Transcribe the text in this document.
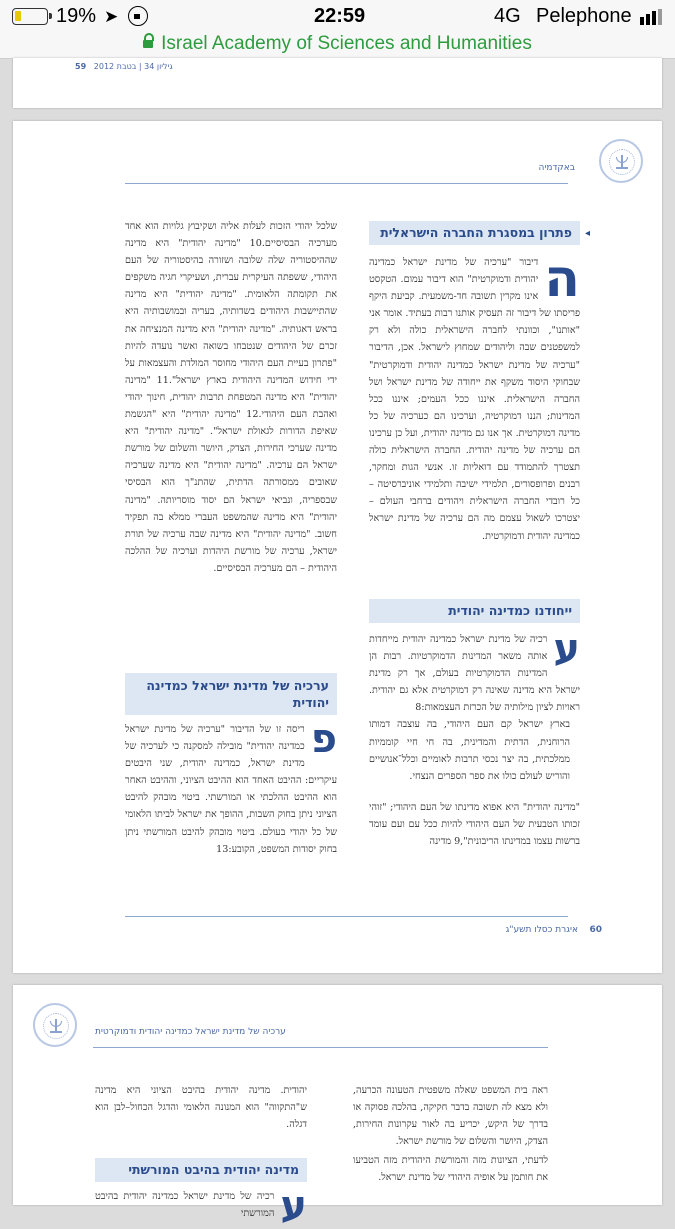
19% ➤	22:59	4G Pelephone
Israel Academy of Sciences and Humanities
59 גיליון 34 | בטבת 2012
באקדמיה
◂
פתרון במסגרת החברה הישראלית

ה
דיבור "ערכיה של מדינת ישראל כמדינה יהודית ודמוקרטית" הוא דיבור עמום. הטקסט אינו מקרין תשובה חד-משמעית. קביעת היקף פריסתו של דיבור זה תעסיק אותנו רבות בעתיד. אומר אני "אותנו", וכוונתי לחברה הישראלית כולה ולא רק למשפטנים שבה וליהודים שמחוץ לישראל. אכן, הדיבור "ערכיה של מדינת ישראל כמדינה יהודית ודמוקרטית" שבחוקי היסוד משקף את ייחודה של מדינת ישראל ושל החברה הישראלית. איננו ככל העמים; איננו ככל המדינות; הננו דמוקרטיה, וערכינו הם כערכיה של כל מדינה דמוקרטית. אך אנו גם מדינה יהודית, ועל כן ערכינו הם ערכיה של מדינה יהודית. החברה הישראלית כולה תצטרך להתמודד עם דואליות זו. אנשי הגות ומחקר, רבנים ופרופסורים, תלמידי ישיבה ותלמידי אוניברסיטה – כל רובדי החברה הישראלית ויהודים ברחבי העולם – יצטרכו לשאול עצמם מה הם ערכיה של מדינת ישראל כמדינה יהודית ודמוקרטית.

ייחודנו כמדינה יהודית

ע
רכיה של מדינת ישראל כמדינה יהודית מייחדות אותה משאר המדינות הדמוקרטיות. רבות הן המדינות הדמוקרטיות בעולם, אך רק מדינת ישראל היא מדינה שאינה רק דמוקרטית אלא גם יהודית. ראויות לציון מילותיה של הכרזת העצמאות:8

בארץ ישראל קם העם היהודי, בה עוצבה דמותו הרוחנית, הדתית והמדינית, בה חי חיי קוממיות ממלכתית, בה יצר נכסי תרבות לאומיים וכלל־אנושיים והוריש לעולם כולו את ספר הספרים הנצחי.

"מדינה יהודית" היא אפוא מדינתו של העם היהודי; "זוהי זכותו הטבעית של העם היהודי להיות ככל עם ועם עומד ברשות עצמו במדינתו הריבונית",9 מדינה

שלכל יהודי הזכות לעלות אליה ושקיבוץ גלויות הוא אחד מערכיה הבסיסיים.10 "מדינה יהודית" היא מדינה שההיסטוריה שלה שלובה ושזורה בהיסטוריה של העם היהודי, ששפתה העיקרית עברית, ושעיקרי חגיה משקפים את תקומתה הלאומית. "מדינה יהודית" היא מדינה שהתיישבות היהודים בשדותיה, בעריה ובמושבותיה היא בראש דאגותיה. "מדינה יהודית" היא מדינה המנציחה את זכרם של היהודים שנטבחו בשואה ואשר נועדה להיות "פתרון בעיית העם היהודי מחוסר המולדת והעצמאות על ידי חידוש המדינה היהודית בארץ ישראל".11 "מדינה יהודית" היא מדינה המטפחת תרבות יהודית, חינוך יהודי ואהבת העם היהודי.12 "מדינה יהודית" היא "הגשמת שאיפת הדורות לגאולת ישראל". "מדינה יהודית" היא מדינה שערכי החירות, הצדק, היושר והשלום של מורשת ישראל הם ערכיה. "מדינה יהודית" היא מדינה שערכיה שאובים ממסורתה הדתית, שהתנ"ך הוא הבסיסי שבספריה, ונביאי ישראל הם יסוד מוסריותה. "מדינה יהודית" היא מדינה שהמשפט העברי ממלא בה תפקיד חשוב. "מדינה יהודית" היא מדינה שבה ערכיה של תורת ישראל, ערכיה של מורשת היהדות וערכיה של ההלכה היהודית – הם מערכיה הבסיסיים.

ערכיה של מדינת ישראל כמדינה יהודית

פ
ריסה זו של הדיבור "ערכיה של מדינת ישראל כמדינה יהודית" מובילה למסקנה כי לערכיה של מדינת ישראל, כמדינה יהודית, שני היבטים עיקריים: ההיבט האחד הוא ההיבט הציוני, וההיבט האחר הוא ההיבט ההלכתי או המורשתי. ביטוי מובהק להיבט הציוני ניתן בחוק השבות, ההופך את ישראל לביתו הלאומי של כל יהודי בעולם. ביטוי מובהק להיבט המורשתי ניתן בחוק יסודות המשפט, הקובע:13

60    איגרת כסלו תשע"ג
ערכיה של מדינת ישראל כמדינה יהודית ודמוקרטית

ראה בית המשפט שאלה משפטית הטעונה הכרעה, ולא מצא לה תשובה בדבר חקיקה, בהלכה פסוקה או בדרך של היקש, יכריע בה לאור עקרונות החירות, הצדק, היושר והשלום של מורשת ישראל.

לדעתי, הציונות מזה והמורשת היהודית מזה הטביעו את חותמן על אופיה היהודי של מדינת ישראל.

יהודית. מדינה יהודית בהיבט הציוני היא מדינה ש"התקווה" הוא המנונה הלאומי והדגל הכחול–לבן הוא דגלה.

מדינה יהודית בהיבט המורשתי

ע
רכיה של מדינת ישראל כמדינה יהודית בהיבט המורשתי
